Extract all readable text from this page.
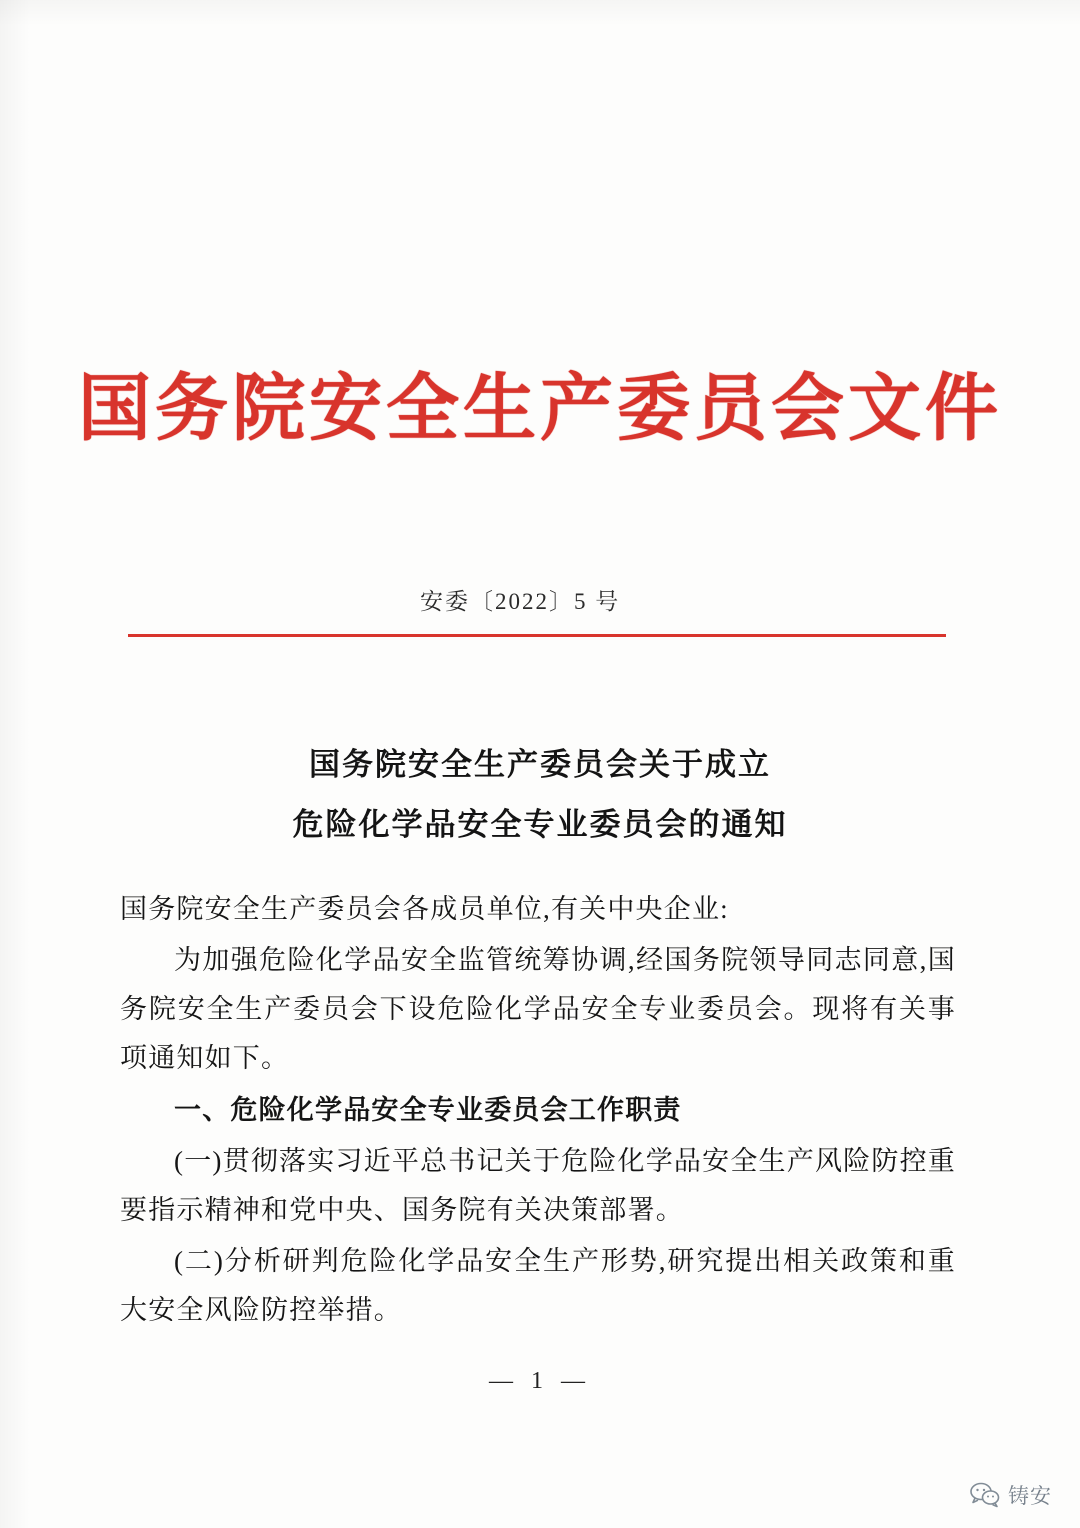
国务院安全生产委员会文件
安委〔2022〕5 号
国务院安全生产委员会关于成立
危险化学品安全专业委员会的通知

国务院安全生产委员会各成员单位,有关中央企业:

为加强危险化学品安全监管统筹协调,经国务院领导同志同意,国务院安全生产委员会下设危险化学品安全专业委员会。现将有关事项通知如下。

一、危险化学品安全专业委员会工作职责

(一)贯彻落实习近平总书记关于危险化学品安全生产风险防控重要指示精神和党中央、国务院有关决策部署。

(二)分析研判危险化学品安全生产形势,研究提出相关政策和重大安全风险防控举措。

— 1 —
铸安
